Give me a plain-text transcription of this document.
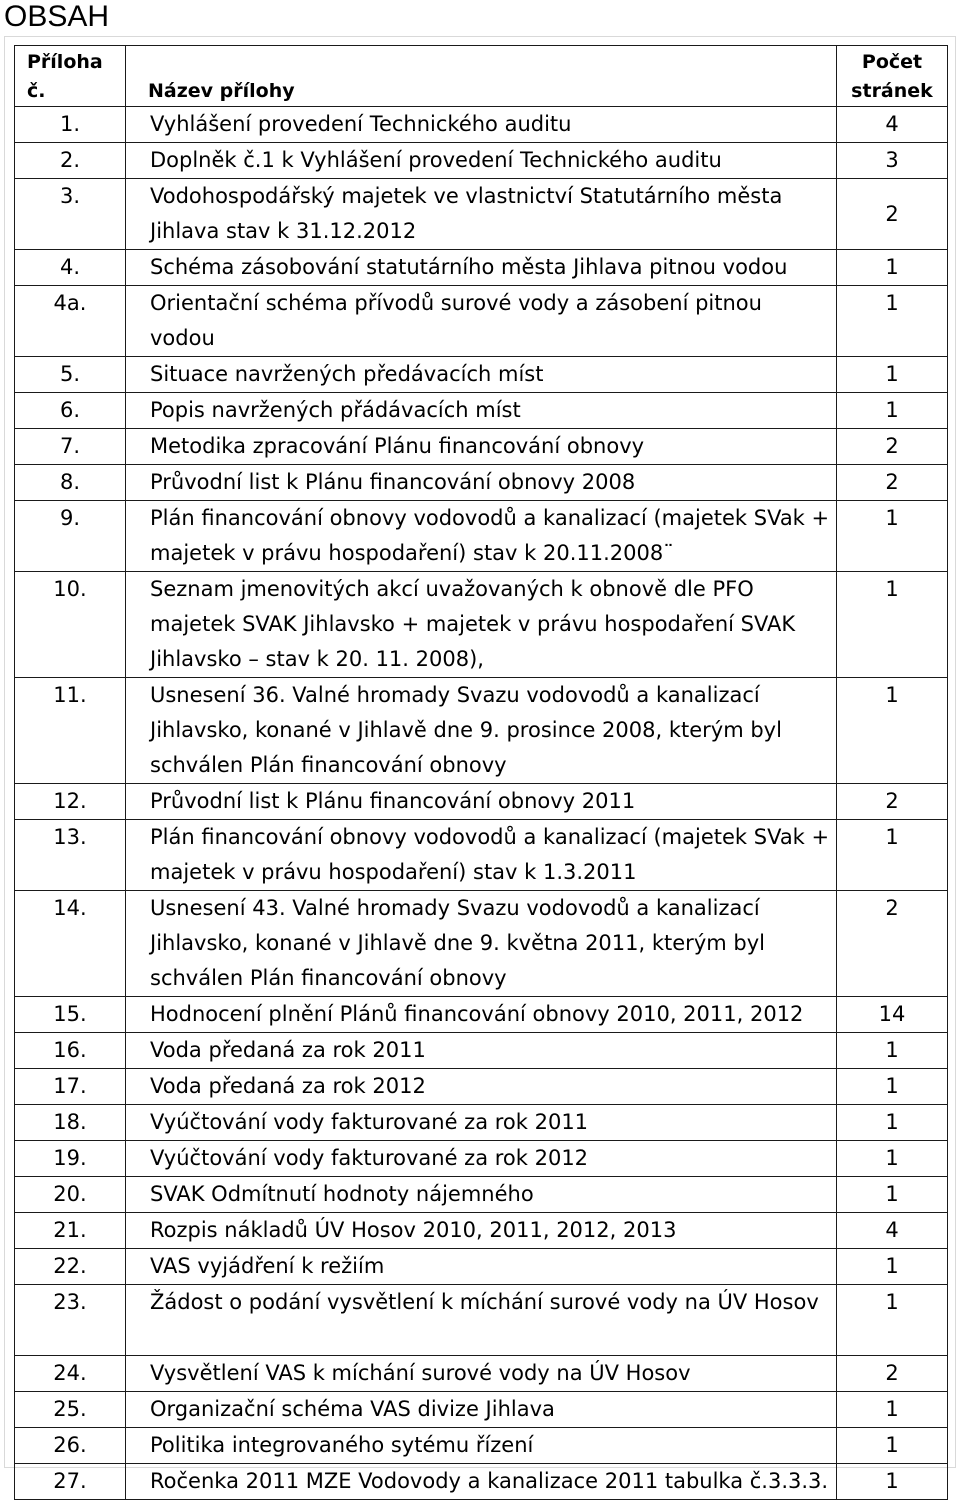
OBSAH
Příloha č.	Název přílohy	Počet stránek
1.	Vyhlášení provedení Technického auditu	4
2.	Doplněk č.1 k Vyhlášení provedení Technického auditu	3
3.	Vodohospodářský majetek ve vlastnictví Statutárního města Jihlava stav k 31.12.2012	2
4.	Schéma zásobování statutárního města Jihlava pitnou vodou	1
4a.	Orientační schéma přívodů surové vody a zásobení pitnou vodou	1
5.	Situace navržených předávacích míst	1
6.	Popis navržených přádávacích míst	1
7.	Metodika zpracování Plánu financování obnovy	2
8.	Průvodní list k Plánu financování obnovy 2008	2
9.	Plán financování obnovy vodovodů a kanalizací (majetek SVak + majetek v právu hospodaření) stav k 20.11.2008¨	1
10.	Seznam jmenovitých akcí uvažovaných k obnově dle PFO majetek SVAK Jihlavsko + majetek v právu hospodaření SVAK Jihlavsko – stav k 20. 11. 2008),	1
11.	Usnesení 36. Valné hromady Svazu vodovodů a kanalizací Jihlavsko, konané v Jihlavě dne 9. prosince 2008, kterým byl schválen Plán financování obnovy	1
12.	Průvodní list k Plánu financování obnovy 2011	2
13.	Plán financování obnovy vodovodů a kanalizací (majetek SVak + majetek v právu hospodaření) stav k 1.3.2011	1
14.	Usnesení 43. Valné hromady Svazu vodovodů a kanalizací Jihlavsko, konané v Jihlavě dne 9. května 2011, kterým byl schválen Plán financování obnovy	2
15.	Hodnocení plnění Plánů financování obnovy 2010, 2011, 2012	14
16.	Voda předaná za rok 2011	1
17.	Voda předaná za rok 2012	1
18.	Vyúčtování vody fakturované za rok 2011	1
19.	Vyúčtování vody fakturované za rok 2012	1
20.	SVAK Odmítnutí hodnoty nájemného	1
21.	Rozpis nákladů ÚV Hosov 2010, 2011, 2012, 2013	4
22.	VAS vyjádření k režiím	1
23.	Žádost o podání vysvětlení k míchání surové vody na ÚV Hosov	1
24.	Vysvětlení VAS k míchání surové vody na ÚV Hosov	2
25.	Organizační schéma VAS divize Jihlava	1
26.	Politika integrovaného sytému řízení	1
27.	Ročenka 2011 MZE Vodovody a kanalizace 2011 tabulka č.3.3.3.	1
